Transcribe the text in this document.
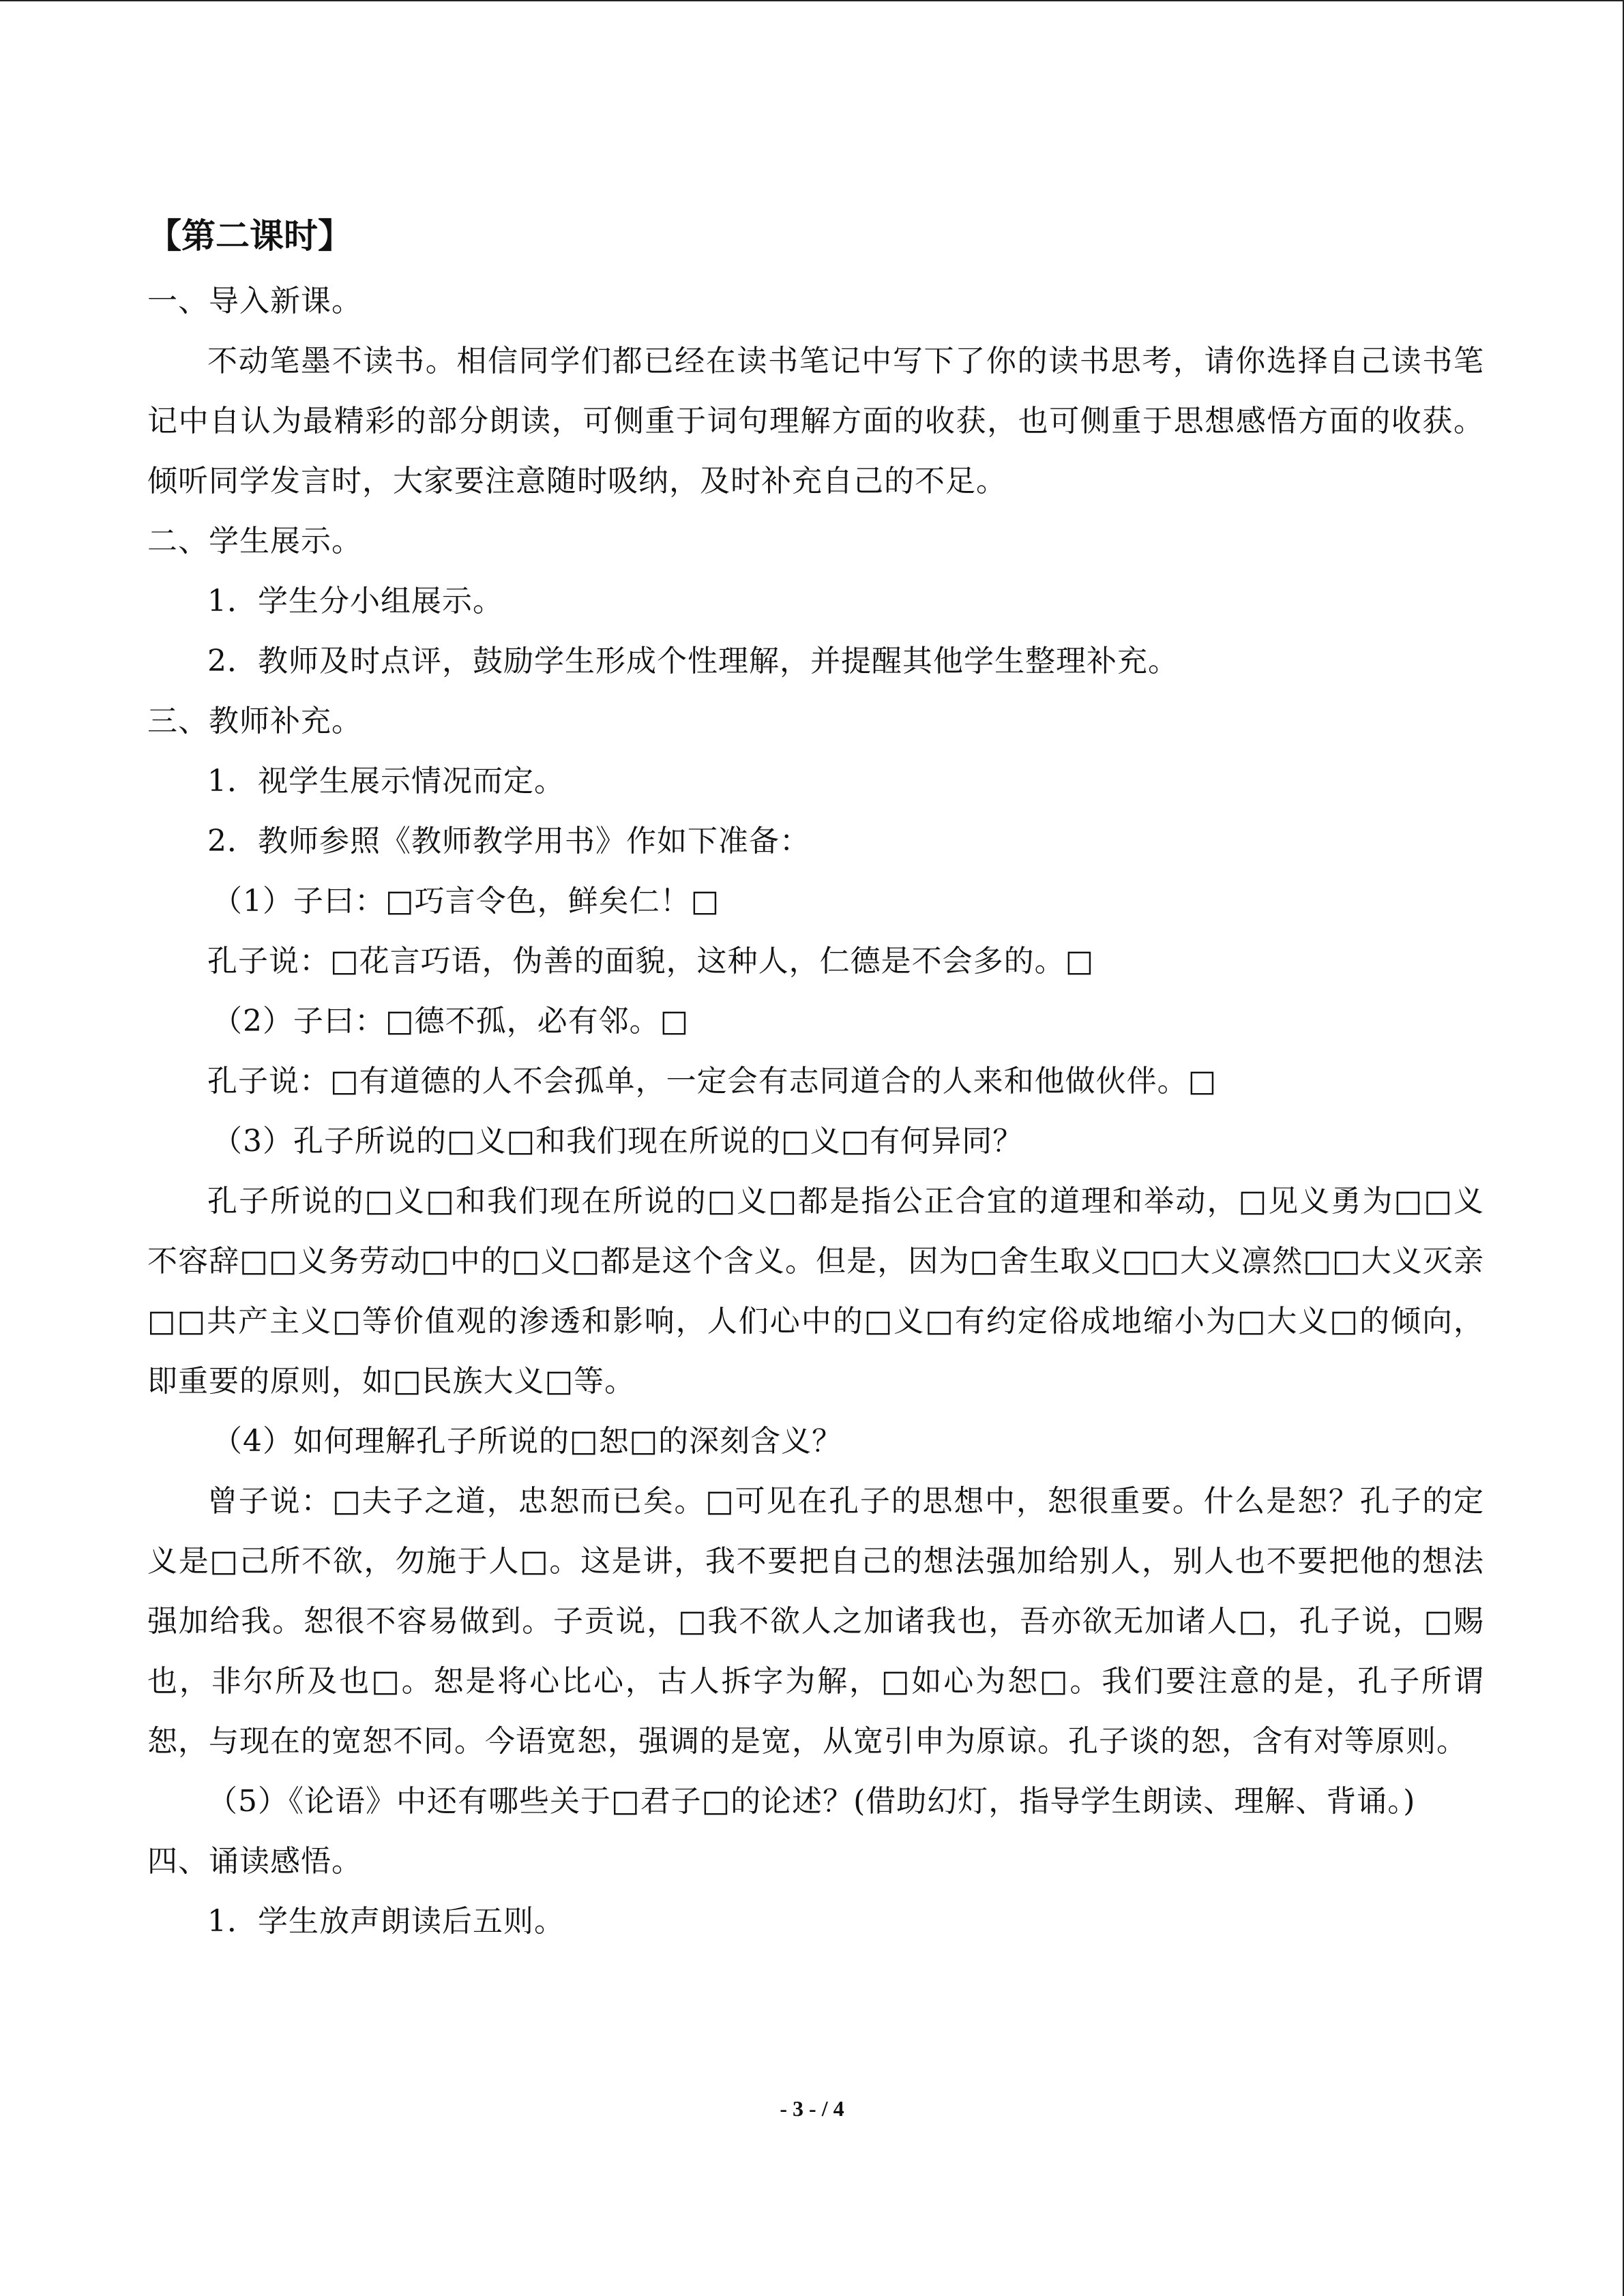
【第二课时】
一、导入新课。

不动笔墨不读书。相信同学们都已经在读书笔记中写下了你的读书思考，请你选择自己读书笔记中自认为最精彩的部分朗读，可侧重于词句理解方面的收获，也可侧重于思想感悟方面的收获。倾听同学发言时，大家要注意随时吸纳，及时补充自己的不足。

二、学生展示。
1．学生分小组展示。
2．教师及时点评，鼓励学生形成个性理解，并提醒其他学生整理补充。
三、教师补充。
1．视学生展示情况而定。
2．教师参照《教师教学用书》作如下准备：
（1）子曰：□巧言令色，鲜矣仁！□
孔子说：□花言巧语，伪善的面貌，这种人，仁德是不会多的。□
（2）子曰：□德不孤，必有邻。□
孔子说：□有道德的人不会孤单，一定会有志同道合的人来和他做伙伴。□
（3）孔子所说的□义□和我们现在所说的□义□有何异同？

孔子所说的□义□和我们现在所说的□义□都是指公正合宜的道理和举动，□见义勇为□□义不容辞□□义务劳动□中的□义□都是这个含义。但是，因为□舍生取义□□大义凛然□□大义灭亲□□共产主义□等价值观的渗透和影响，人们心中的□义□有约定俗成地缩小为□大义□的倾向，即重要的原则，如□民族大义□等。

（4）如何理解孔子所说的□恕□的深刻含义？

曾子说：□夫子之道，忠恕而已矣。□可见在孔子的思想中，恕很重要。什么是恕？孔子的定义是□己所不欲，勿施于人□。这是讲，我不要把自己的想法强加给别人，别人也不要把他的想法强加给我。恕很不容易做到。子贡说，□我不欲人之加诸我也，吾亦欲无加诸人□，孔子说，□赐也，非尔所及也□。恕是将心比心，古人拆字为解，□如心为恕□。我们要注意的是，孔子所谓恕，与现在的宽恕不同。今语宽恕，强调的是宽，从宽引申为原谅。孔子谈的恕，含有对等原则。

（5）《论语》中还有哪些关于□君子□的论述？(借助幻灯，指导学生朗读、理解、背诵。)

四、诵读感悟。
1．学生放声朗读后五则。
- 3 - / 4
